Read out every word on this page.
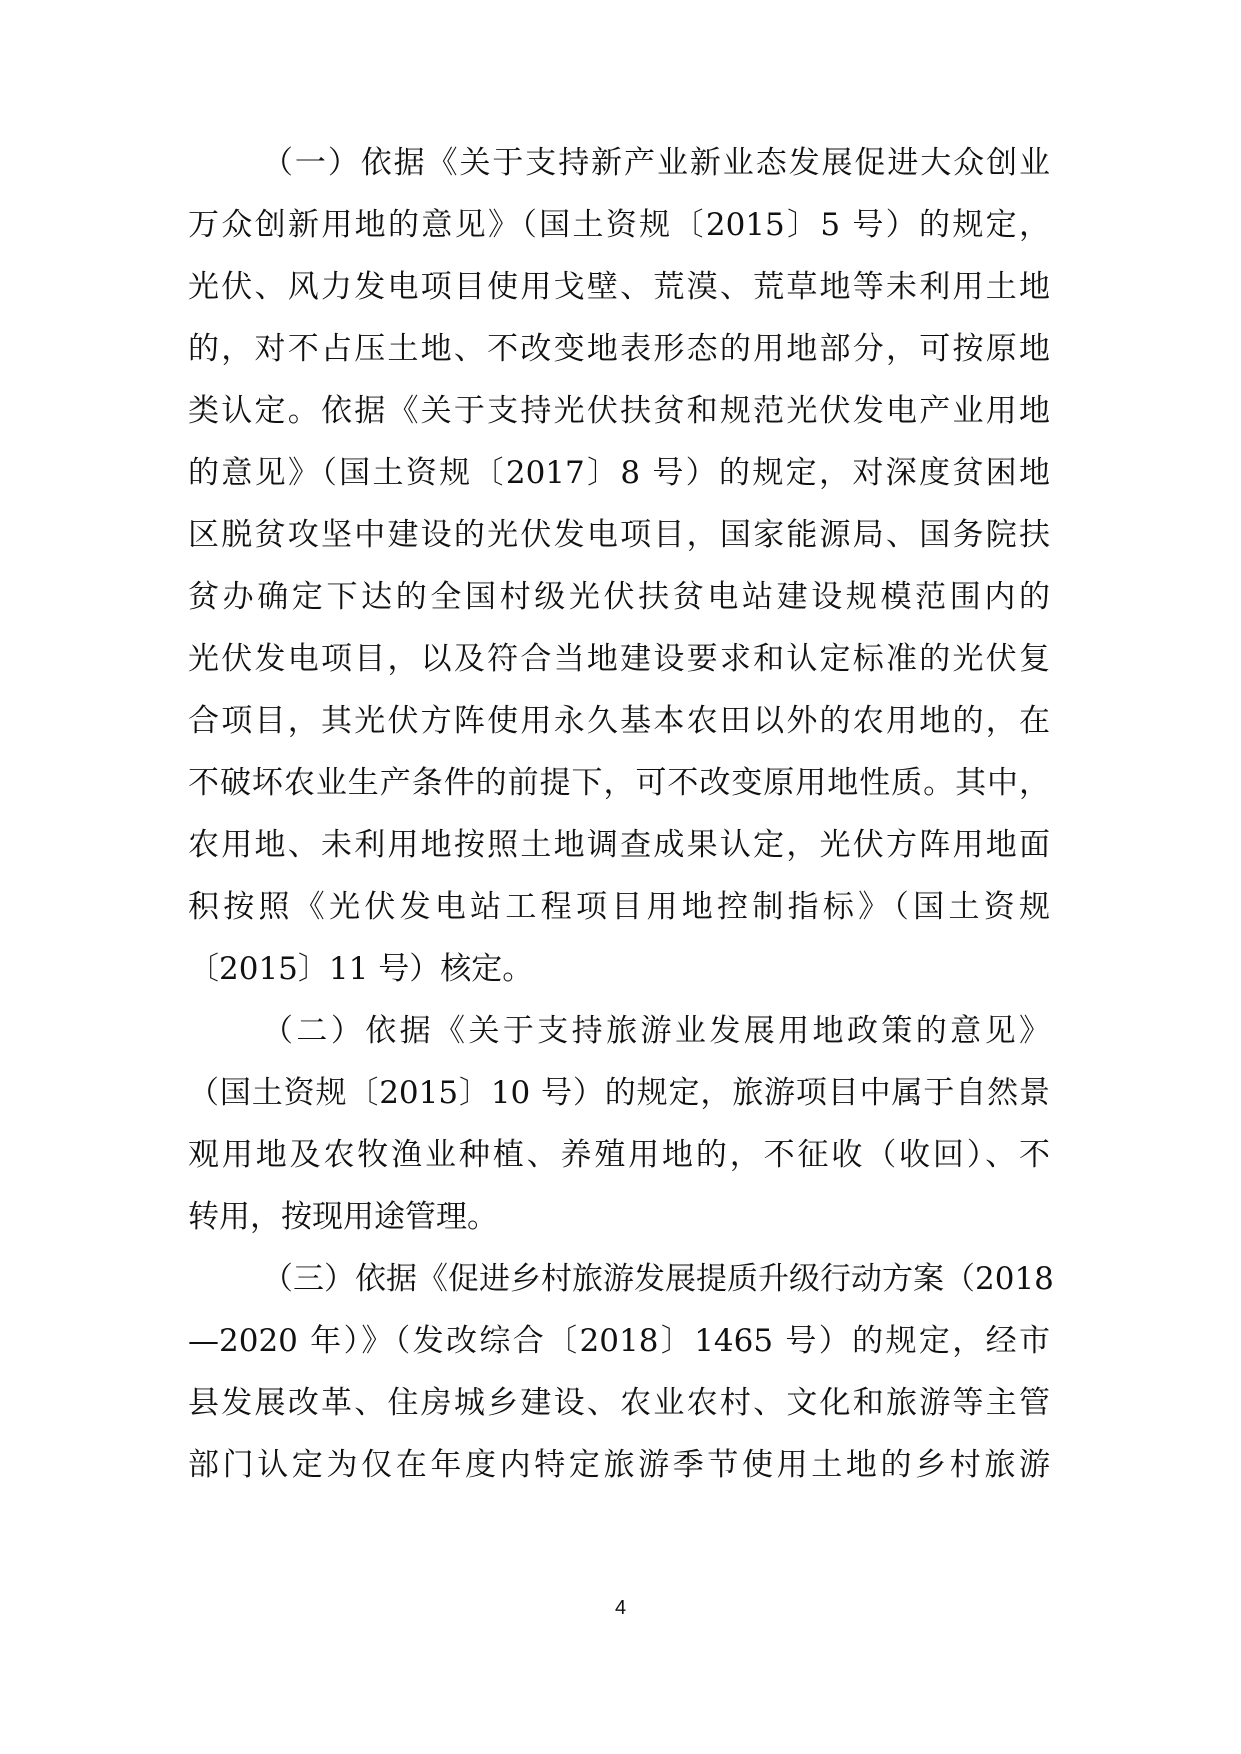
（一）依据《关于支持新产业新业态发展促进大众创业
万众创新用地的意见》（国土资规〔2015〕5 号）的规定，
光伏、风力发电项目使用戈壁、荒漠、荒草地等未利用土地
的，对不占压土地、不改变地表形态的用地部分，可按原地
类认定。依据《关于支持光伏扶贫和规范光伏发电产业用地
的意见》（国土资规〔2017〕8 号）的规定，对深度贫困地
区脱贫攻坚中建设的光伏发电项目，国家能源局、国务院扶
贫办确定下达的全国村级光伏扶贫电站建设规模范围内的
光伏发电项目，以及符合当地建设要求和认定标准的光伏复
合项目，其光伏方阵使用永久基本农田以外的农用地的，在
不破坏农业生产条件的前提下，可不改变原用地性质。其中，
农用地、未利用地按照土地调查成果认定，光伏方阵用地面
积按照《光伏发电站工程项目用地控制指标》（国土资规
〔2015〕11 号）核定。
（二）依据《关于支持旅游业发展用地政策的意见》
（国土资规〔2015〕10 号）的规定，旅游项目中属于自然景
观用地及农牧渔业种植、养殖用地的，不征收（收回）、不
转用，按现用途管理。
（三）依据《促进乡村旅游发展提质升级行动方案（2018
—2020 年）》（发改综合〔2018〕1465 号）的规定，经市
县发展改革、住房城乡建设、农业农村、文化和旅游等主管
部门认定为仅在年度内特定旅游季节使用土地的乡村旅游
4
